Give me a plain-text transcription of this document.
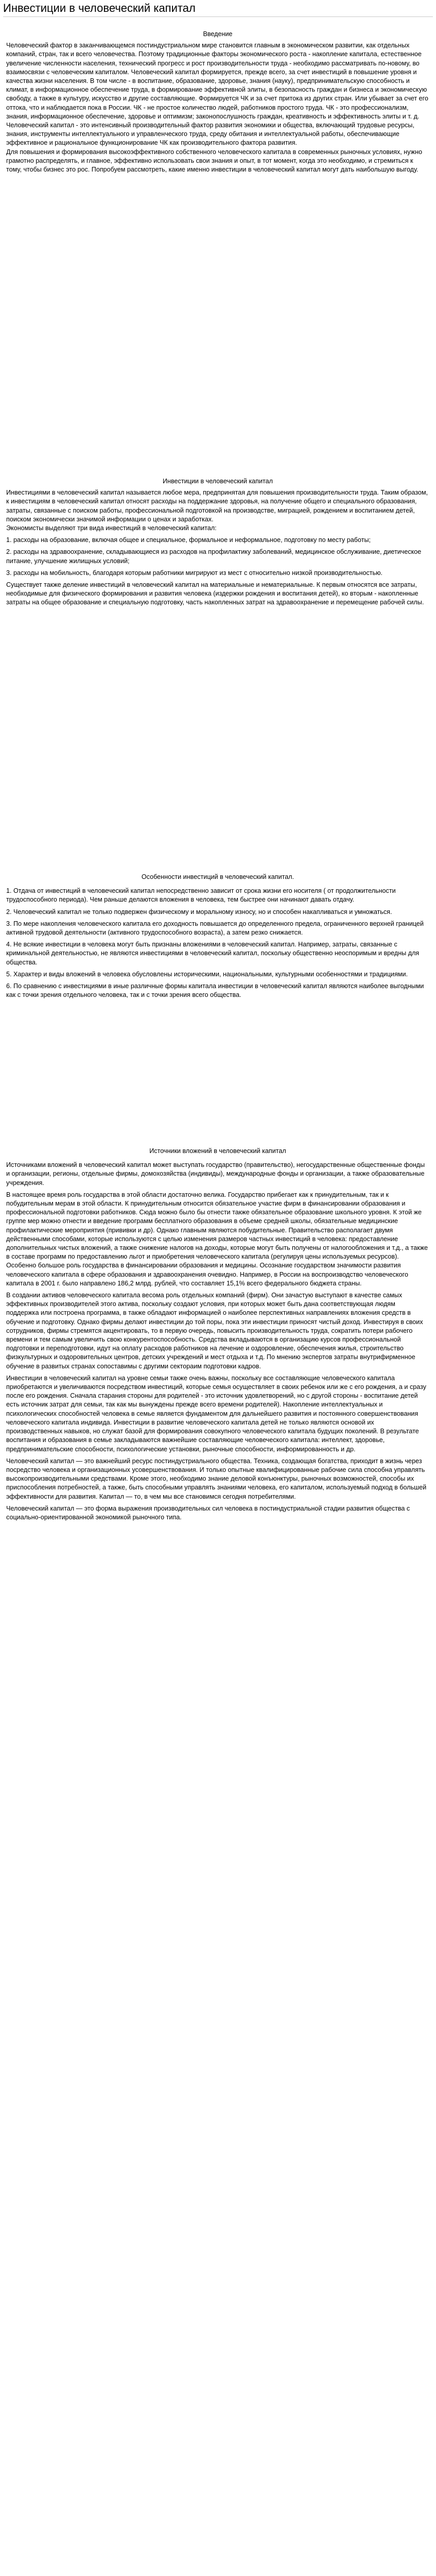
Инвестиции в человеческий капитал

Введение

Человеческий фактор в заканчивающемся постиндустриальном мире становится главным в экономическом развитии, как отдельных компаний, стран, так и всего человечества. Поэтому традиционные факторы экономического роста - накопление капитала, естественное увеличение численности населения, технический прогресс и рост производительности труда - необходимо рассматривать по-новому, во взаимосвязи с человеческим капиталом. Человеческий капитал формируется, прежде всего, за счет инвестиций в повышение уровня и качества жизни населения. В том числе - в воспитание, образование, здоровье, знания (науку), предпринимательскую способность и климат, в информационное обеспечение труда, в формирование эффективной элиты, в безопасность граждан и бизнеса и экономическую свободу, а также в культуру, искусство и другие составляющие. Формируется ЧК и за счет притока из других стран. Или убывает за счет его оттока, что и наблюдается пока в России. ЧК - не простое количество людей, работников простого труда. ЧК - это профессионализм, знания, информационное обеспечение, здоровье и оптимизм; законопослушность граждан, креативность и эффективность элиты и т. д.

Человеческий капитал - это интенсивный производительный фактор развития экономики и общества, включающий трудовые ресурсы, знания, инструменты интеллектуального и управленческого труда, среду обитания и интеллектуальной работы, обеспечивающие эффективное и рациональное функционирование ЧК как производительного фактора развития.

Для повышения и формирования высокоэффективного собственного человеческого капитала в современных рыночных условиях, нужно грамотно распределять, и главное, эффективно использовать свои знания и опыт, в тот момент, когда это необходимо, и стремиться к тому, чтобы бизнес это рос. Попробуем рассмотреть, какие именно инвестиции в человеческий капитал могут дать наибольшую выгоду.

Инвестиции в человеческий капитал

Инвестициями в человеческий капитал называется любое мера, предпринятая для повышения производительности труда. Таким образом, к инвестициям в человеческий капитал относят расходы на поддержание здоровья, на получение общего и специального образования, затраты, связанные с поиском работы, профессиональной подготовкой на производстве, миграцией, рождением и воспитанием детей, поиском экономически значимой информации о ценах и заработках.

Экономисты выделяют три вида инвестиций в человеческий капитал:

1. расходы на образование, включая общее и специальное, формальное и неформальное, подготовку по месту работы;
2. расходы на здравоохранение, складывающиеся из расходов на профилактику заболеваний, медицинское обслуживание, диетическое питание, улучшение жилищных условий;
3. расходы на мобильность, благодаря которым работники мигрируют из мест с относительно низкой производительностью.

Существует также деление инвестиций в человеческий капитал на материальные и нематериальные. К первым относятся все затраты, необходимые для физического формирования и развития человека (издержки рождения и воспитания детей), ко вторым - накопленные затраты на общее образование и специальную подготовку, часть накопленных затрат на здравоохранение и перемещение рабочей силы.

Особенности инвестиций в человеческий капитал.

1. Отдача от инвестиций в человеческий капитал непосредственно зависит от срока жизни его носителя ( от продолжительности трудоспособного периода). Чем раньше делаются вложения в человека, тем быстрее они начинают давать отдачу.
2. Человеческий капитал не только подвержен физическому и моральному износу, но и способен накапливаться и умножаться.
3. По мере накопления человеческого капитала его доходность повышается до определенного предела, ограниченного верхней границей активной трудовой деятельности (активного трудоспособного возраста), а затем резко снижается.
4. Не всякие инвестиции в человека могут быть признаны вложениями в человеческий капитал. Например, затраты, связанные с криминальной деятельностью, не являются инвестициями в человеческий капитал, поскольку общественно неоспоримым и вредны для общества.
5. Характер и виды вложений в человека обусловлены историческими, национальными, культурными особенностями и традициями.
6. По сравнению с инвестициями в иные различные формы капитала инвестиции в человеческий капитал являются наиболее выгодными как с точки зрения отдельного человека, так и с точки зрения всего общества.

Источники вложений в человеческий капитал

Источниками вложений в человеческий капитал может выступать государство (правительство), негосударственные общественные фонды и организации, регионы, отдельные фирмы, домохозяйства (индивиды), международные фонды и организации, а также образовательные учреждения.

В настоящее время роль государства в этой области достаточно велика. Государство прибегает как к принудительным, так и к побудительным мерам в этой области. К принудительным относится обязательное участие фирм в финансировании образования и профессиональной подготовки работников. Сюда можно было бы отнести также обязательное образование школьного уровня. К этой же группе мер можно отнести и введение программ бесплатного образования в объеме средней школы, обязательные медицинские профилактические мероприятия (прививки и др). Однако главным являются побудительные. Правительство располагает двумя действенными способами, которые используются с целью изменения размеров частных инвестиций в человека: предоставление дополнительных чистых вложений, а также снижение налогов на доходы, которые могут быть получены от налогообложения и т.д., а также в составе программ по предоставлению льгот и приобретения человеческого капитала (регулируя цены используемых ресурсов). Особенно большое роль государства в финансировании образования и медицины. Осознание государством значимости развития человеческого капитала в сфере образования и здравоохранения очевидно. Например, в России на воспроизводство человеческого капитала в 2001 г. было направлено 186,2 млрд. рублей, что составляет 15,1% всего федерального бюджета страны.

В создании активов человеческого капитала весома роль отдельных компаний (фирм). Они зачастую выступают в качестве самых эффективных производителей этого актива, поскольку создают условия, при которых может быть дана соответствующая людям поддержка или построена программа, в также обладают информацией о наиболее перспективных направлениях вложения средств в обучение и подготовку. Однако фирмы делают инвестиции до той поры, пока эти инвестиции приносят чистый доход. Инвестируя в своих сотрудников, фирмы стремятся акцентировать, то в первую очередь, повысить производительность труда, сократить потери рабочего времени и тем самым увеличить свою конкурентоспособность. Средства вкладываются в организацию курсов профессиональной подготовки и переподготовки, идут на оплату расходов работников на лечение и оздоровление, обеспечения жилья, строительство физкультурных и оздоровительных центров, детских учреждений и мест отдыха и т.д. По мнению экспертов затраты внутрифирменное обучение в развитых странах сопоставимы с другими сектораим подготовки кадров.

Инвестиции в человеческий капитал на уровне семьи также очень важны, поскольку все составляющие человеческого капитала приобретаются и увеличиваются посредством инвестиций, которые семья осуществляет в своих ребенок или же с его рождения, а и сразу после его рождения. Сначала старания стороны для родителей - это источник удовлетворений, но с другой стороны - воспитание детей есть источник затрат для семьи, так как мы вынуждены прежде всего времени родителей). Накопление интеллектуальных и психологических способностей человека в семье является фундаментом для дальнейшего развития и постоянного совершенствования человеческого капитала индивида. Инвестиции в развитие человеческого капитала детей не только являются основой их производственных навыков, но служат базой для формирования совокупного человеческого капитала будущих поколений. В результате воспитания и образования в семье закладываются важнейшие составляющие человеческого капитала: интеллект, здоровье, предпринимательские способности, психологические установки, рыночные способности, информированность и др.

Человеческий капитал — это важнейший ресурс постиндустриального общества. Техника, создающая богатства, приходит в жизнь через посредство человека и организационных усовершенствования. И только опытные квалифицированные рабочие сила способна управлять высокопроизводительными средствами. Кроме этого, необходимо знание деловой конъюнктуры, рыночных возможностей, способы их приспособления потребностей, а также, быть способными управлять знаниями человека, его капиталом, используемый подход в большей эффективности для развития. Капитал — то, в чем мы все становимся сегодня потребителями.

Человеческий капитал — это форма выражения производительных сил человека в постиндустриальной стадии развития общества с социально-ориентированной экономикой рыночного типа.
